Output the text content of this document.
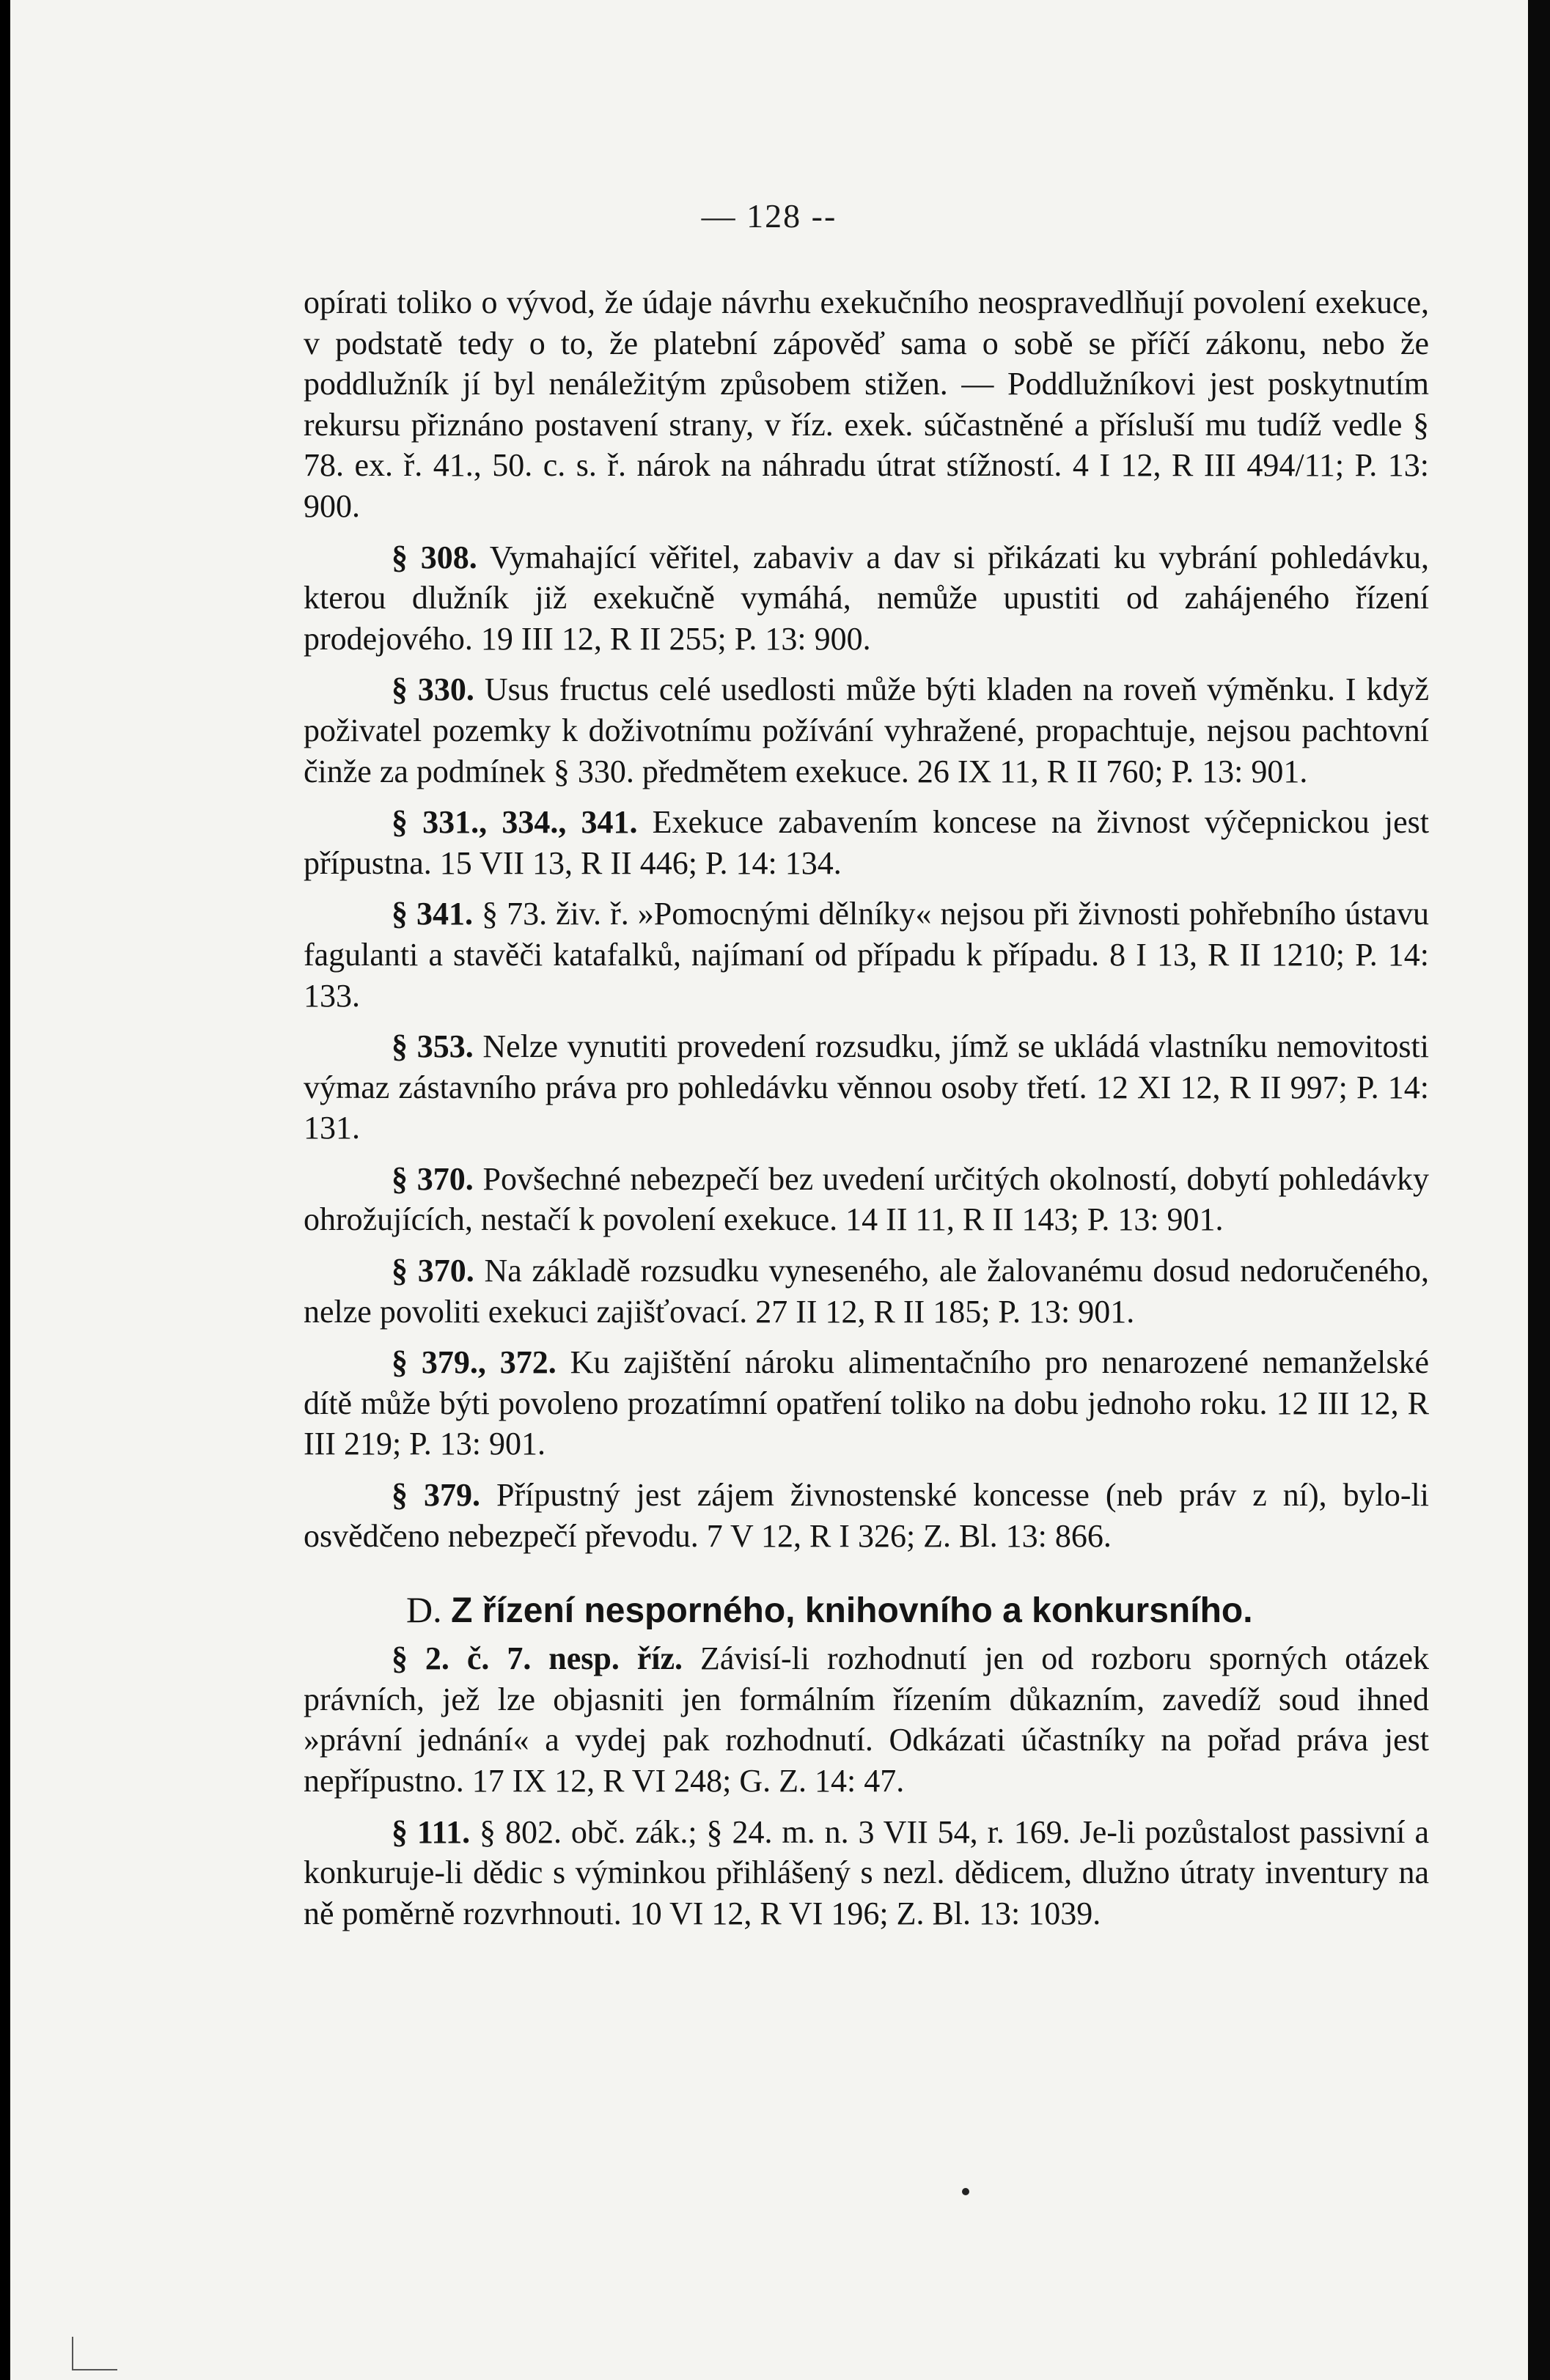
— 128 --

opírati toliko o vývod, že údaje návrhu exekučního neospravedlňují povolení exekuce, v podstatě tedy o to, že platební zápověď sama o sobě se příčí zákonu, nebo že poddlužník jí byl nenáležitým způsobem stižen. — Poddlužníkovi jest poskytnutím rekursu přiznáno postavení strany, v říz. exek. súčastněné a přísluší mu tudíž vedle § 78. ex. ř. 41., 50. c. s. ř. nárok na náhradu útrat stížností. 4 I 12, R III 494/11; P. 13: 900.

§ 308. Vymahající věřitel, zabaviv a dav si přikázati ku vybrání pohledávku, kterou dlužník již exekučně vymáhá, nemůže upustiti od zahájeného řízení prodejového. 19 III 12, R II 255; P. 13: 900.

§ 330. Usus fructus celé usedlosti může býti kladen na roveň výměnku. I když poživatel pozemky k doživotnímu požívání vyhražené, propachtuje, nejsou pachtovní činže za podmínek § 330. předmětem exekuce. 26 IX 11, R II 760; P. 13: 901.

§ 331., 334., 341. Exekuce zabavením koncese na živnost výčepnickou jest přípustna. 15 VII 13, R II 446; P. 14: 134.

§ 341. § 73. živ. ř. »Pomocnými dělníky« nejsou při živnosti pohřebního ústavu fagulanti a stavěči katafalků, najímaní od případu k případu. 8 I 13, R II 1210; P. 14: 133.

§ 353. Nelze vynutiti provedení rozsudku, jímž se ukládá vlastníku nemovitosti výmaz zástavního práva pro pohledávku věnnou osoby třetí. 12 XI 12, R II 997; P. 14: 131.

§ 370. Povšechné nebezpečí bez uvedení určitých okolností, dobytí pohledávky ohrožujících, nestačí k povolení exekuce. 14 II 11, R II 143; P. 13: 901.

§ 370. Na základě rozsudku vyneseného, ale žalovanému dosud nedoručeného, nelze povoliti exekuci zajišťovací. 27 II 12, R II 185; P. 13: 901.

§ 379., 372. Ku zajištění nároku alimentačního pro nenarozené nemanželské dítě může býti povoleno prozatímní opatření toliko na dobu jednoho roku. 12 III 12, R III 219; P. 13: 901.

§ 379. Přípustný jest zájem živnostenské koncesse (neb práv z ní), bylo-li osvědčeno nebezpečí převodu. 7 V 12, R I 326; Z. Bl. 13: 866.

D. Z řízení nesporného, knihovního a konkursního.

§ 2. č. 7. nesp. říz. Závisí-li rozhodnutí jen od rozboru sporných otázek právních, jež lze objasniti jen formálním řízením důkazním, zavedíž soud ihned »právní jednání« a vydej pak rozhodnutí. Odkázati účastníky na pořad práva jest nepřípustno. 17 IX 12, R VI 248; G. Z. 14: 47.

§ 111. § 802. obč. zák.; § 24. m. n. 3 VII 54, r. 169. Je-li pozůstalost passivní a konkuruje-li dědic s výminkou přihlášený s nezl. dědicem, dlužno útraty inventury na ně poměrně rozvrhnouti. 10 VI 12, R VI 196; Z. Bl. 13: 1039.
